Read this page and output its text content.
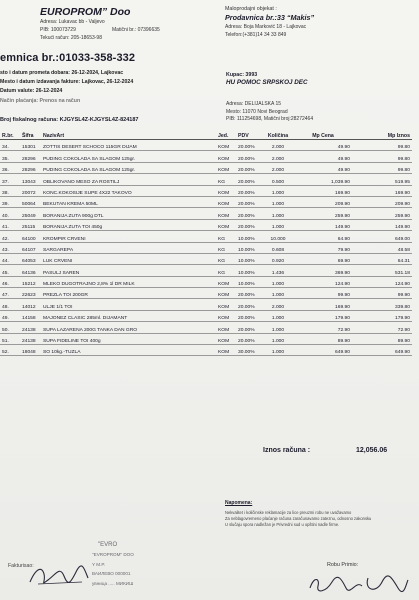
EUROPROM” Doo
Adresa: Lukavac bb - Valjevo
PIB: 100073729	Matični br.: 07396635
Tekući račun: 205-18653-98
Maloprodajni objekat :
Prodavnica br.:33 “Makis”
Adresa: Boja Marković 18 - Lajkovac
Telefon:(+381)14 34 33 849
emnica br.:01033-358-332
sto i datum prometa dobara: 26-12-2024, Lajkovac
Mesto i datum izdavanja fakture: Lajkovac, 26-12-2024
Datum valute: 26-12-2024
Način plaćanja: Prenos na račun
Broj fiskalnog računa: KJGYSL4Z-KJGYSL4Z-824187
Kupac: 3993
HU POMOC SRPSKOJ DEC
Adresa: DELIJALSKA 15
Mesto: 11070 Novi Beograd
PIB: 111254698, Matični broj:28272464
R.br.	Šifra	NazivArt	Jed.	PDV	Količina	Mp Cena	Mp Iznos
34.	15301	ZOTTIS DESERT SCHOCO 115GR DIJAM	KOM	20.00%	2.000	49.90	99.80
35.	28296	PUDING COKOLADA SA SLAGOM 125gr.	KOM	20.00%	2.000	49.90	99.80
36.	28296	PUDING COKOLADA SA SLAGOM 125gr.	KOM	20.00%	2.000	49.90	99.80
37.	13043	OBLIKOVANO MESO ZA ROSTILJ	KG	20.00%	0.500	1,039.90	519.95
38.	20072	KONC.KOKOSIJE SUPE 4X22 TAKOVO	KOM	20.00%	1.000	169.90	169.90
39.	50064	BEKUTAN KREMA 50ML	KOM	20.00%	1.000	209.90	209.90
40.	25049	BORANIJA ZUTA 900g DTL	KOM	20.00%	1.000	259.90	259.90
41.	25115	BORANIJA ZUTA TOI 450g	KOM	20.00%	1.000	149.90	149.90
42.	64100	KROMPIR CRVENI	KG	10.00%	10.000	64.90	649.00
43.	64107	SARGAREPA	KG	10.00%	0.608	79.90	48.58
44.	64053	LUK CRVENI	KG	10.00%	0.920	69.90	64.31
45.	64136	PASULJ SAREN	KG	10.00%	1.436	369.90	531.18
46.	15212	MLEKO DUGOTRAJNO 2,8% 1l DR MILK	KOM	10.00%	1.000	124.90	124.90
47.	22623	PREZLA TOI 200GR	KOM	20.00%	1.000	99.90	99.90
48.	14012	ULJE 1/1 TOI	KOM	20.00%	2.000	169.90	339.80
49.	14158	MAJONEZ CLASIC 285ml. DIJAMANT	KOM	20.00%	1.000	179.90	179.90
50.	24138	SUPA LAZARENA 200G TANKA DAN GRO	KOM	20.00%	1.000	72.90	72.90
51.	24138	SUPA FIDELINE TOI 400g	KOM	20.00%	1.000	89.90	89.90
52.	18048	SO 10kg.-TUZLA	KOM	30.00%	1.000	649.90	649.90
Iznos računa :	12,056.06
Napomena:
Nekvalitet i količinske reklamacije za lice preuzmi robu ne uvažavamo
Za neblagovremeno plaćanje računa zaračunavamo zateznu, odnosno zakonsku
U slučaju spora nadležan je Privredni sud u opštini nadle firme.
Fakturisao:	Robu Primio:
"EVRO
"EVROPROM" DOO
Y M.P.
ВАИЛЕВО 000001
увница ..... МИКИШ
